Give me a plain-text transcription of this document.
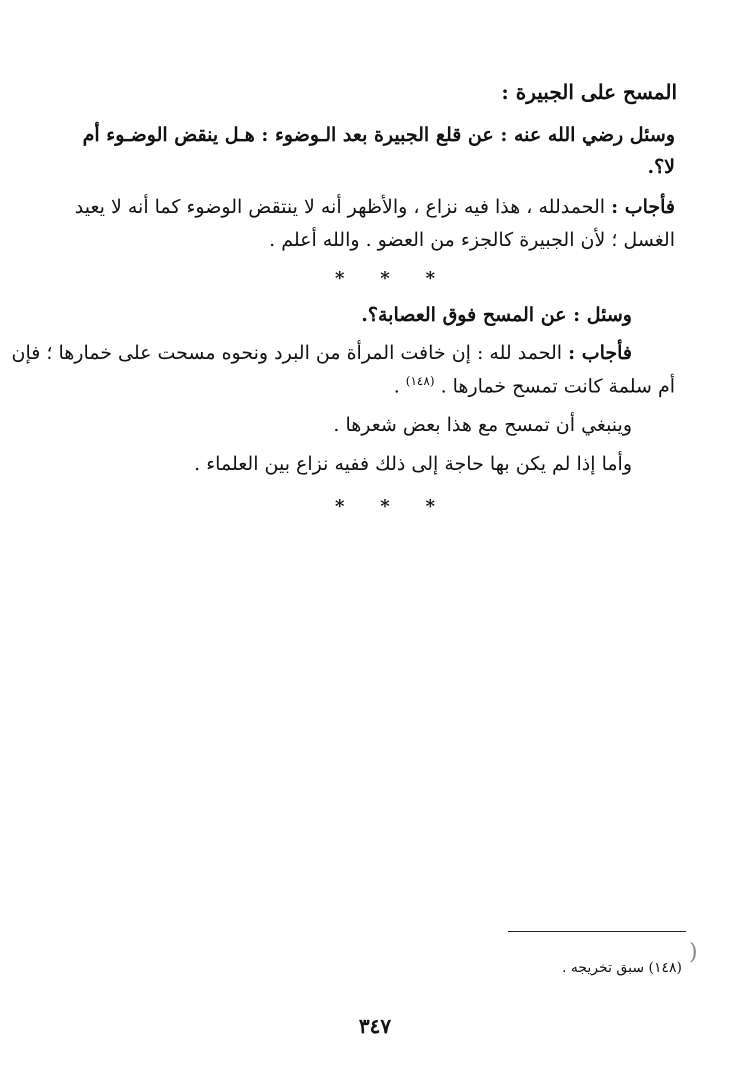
المسح على الجبيرة :
وسئل رضي الله عنه : عن قلع الجبيرة بعد الـوضوء : هـل ينقض الوضـوء أم
لا؟.
فأجاب : الحمدلله ، هذا فيه نزاع ، والأظهر أنه لا ينتقض الوضوء كما أنه لا يعيد
الغسل ؛ لأن الجبيرة كالجزء من العضو . والله أعلم .
* * *
وسئل : عن المسح فوق العصابة؟.
فأجاب : الحمد لله : إن خافت المرأة من البرد ونحوه مسحت على خمارها ؛ فإن
أم سلمة كانت تمسح خمارها . $^{(١٤٨)}$ .
وينبغي أن تمسح مع هذا بعض شعرها .
وأما إذا لم يكن بها حاجة إلى ذلك ففيه نزاع بين العلماء .
* * *
(
(١٤٨) سبق تخريجه .
٣٤٧
